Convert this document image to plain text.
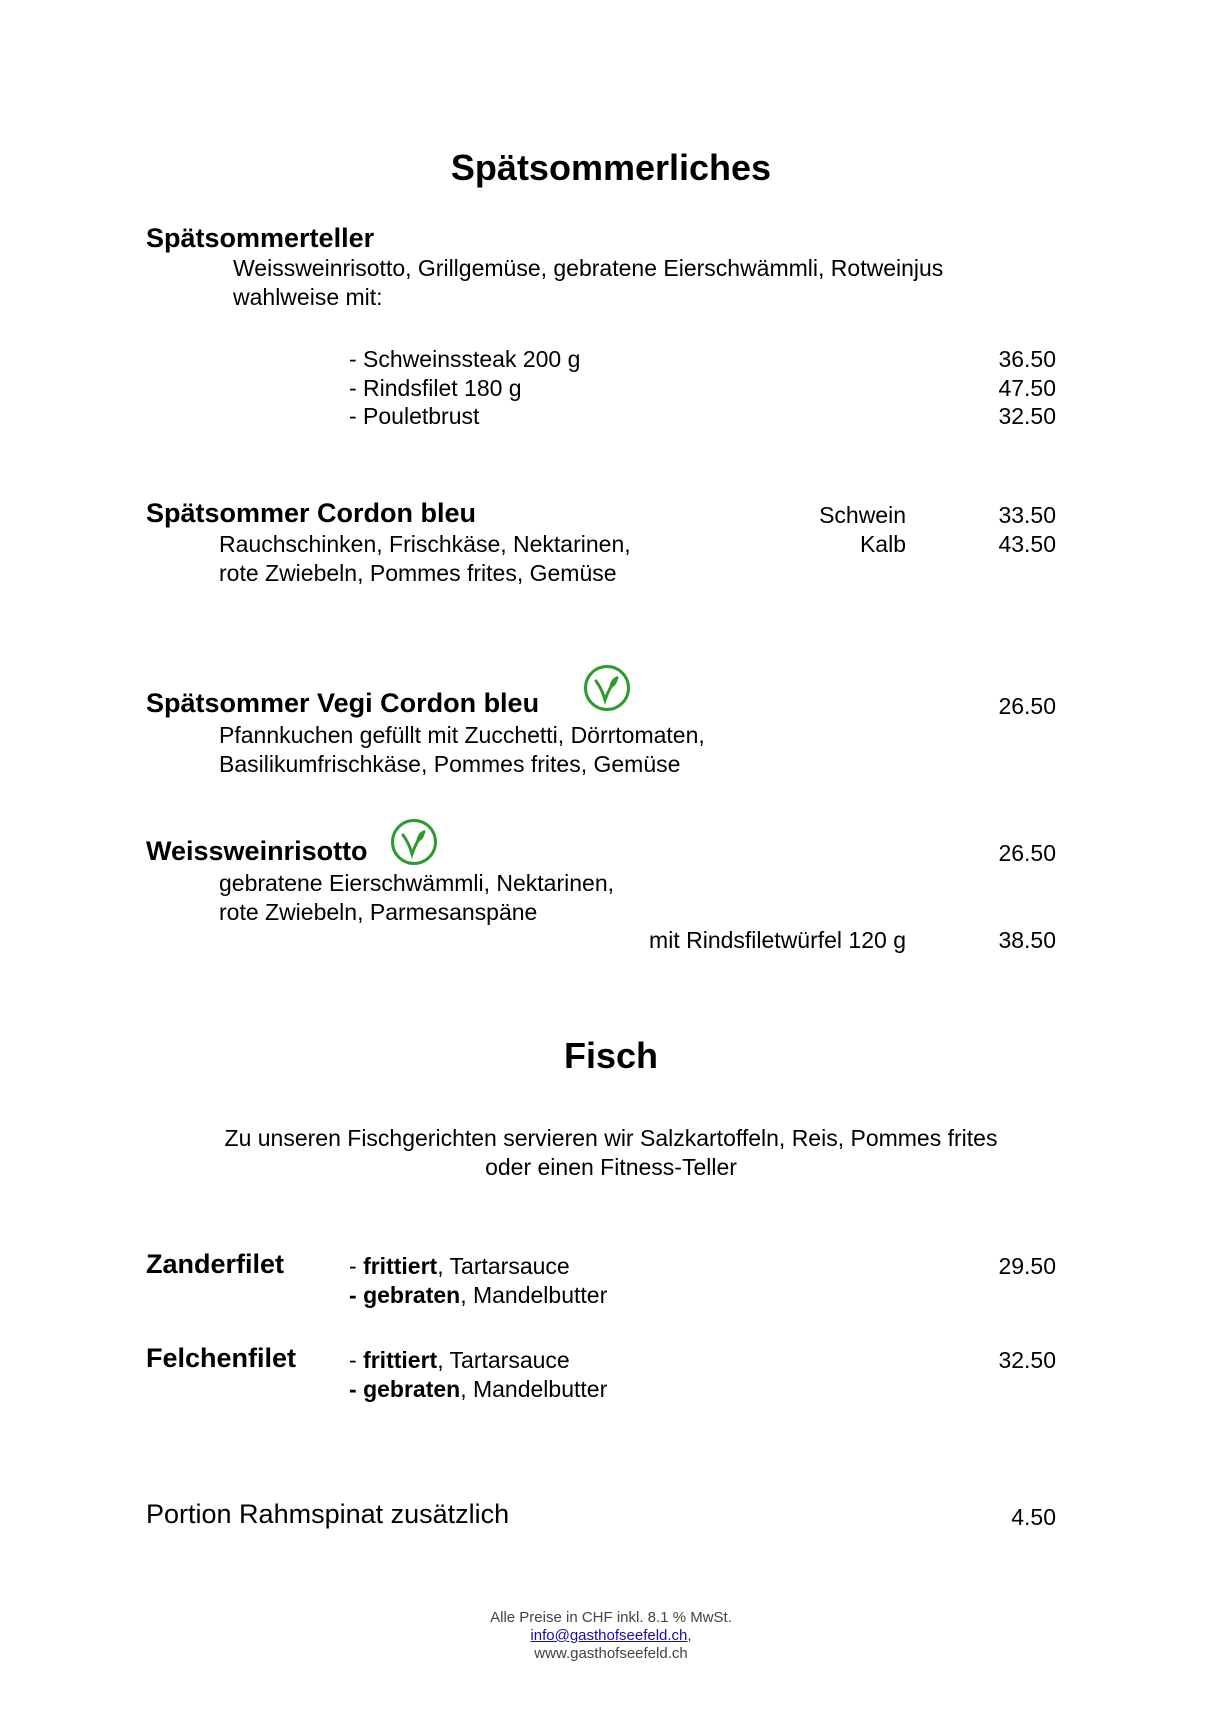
Spätsommerliches
Spätsommerteller
Weissweinrisotto, Grillgemüse, gebratene Eierschwämmli, Rotweinjus
wahlweise mit:
- Schweinssteak 200 g	36.50
- Rindsfilet 180 g	47.50
- Pouletbrust	32.50
Spätsommer Cordon bleu	Schwein	33.50
Rauchschinken, Frischkäse, Nektarinen,	Kalb	43.50
rote Zwiebeln, Pommes frites, Gemüse
Spätsommer Vegi Cordon bleu	26.50
Pfannkuchen gefüllt mit Zucchetti, Dörrtomaten,
Basilikumfrischkäse, Pommes frites, Gemüse
Weissweinrisotto	26.50
gebratene Eierschwämmli, Nektarinen,
rote Zwiebeln, Parmesanspäne
mit Rindsfiletwürfel 120 g	38.50
Fisch
Zu unseren Fischgerichten servieren wir Salzkartoffeln, Reis, Pommes frites
oder einen Fitness-Teller
Zanderfilet	- frittiert, Tartarsauce	29.50
- gebraten, Mandelbutter
Felchenfilet - frittiert, Tartarsauce	32.50
- gebraten, Mandelbutter
Portion Rahmspinat zusätzlich	4.50
Alle Preise in CHF inkl. 8.1 % MwSt.
info@gasthofseefeld.ch,
www.gasthofseefeld.ch
